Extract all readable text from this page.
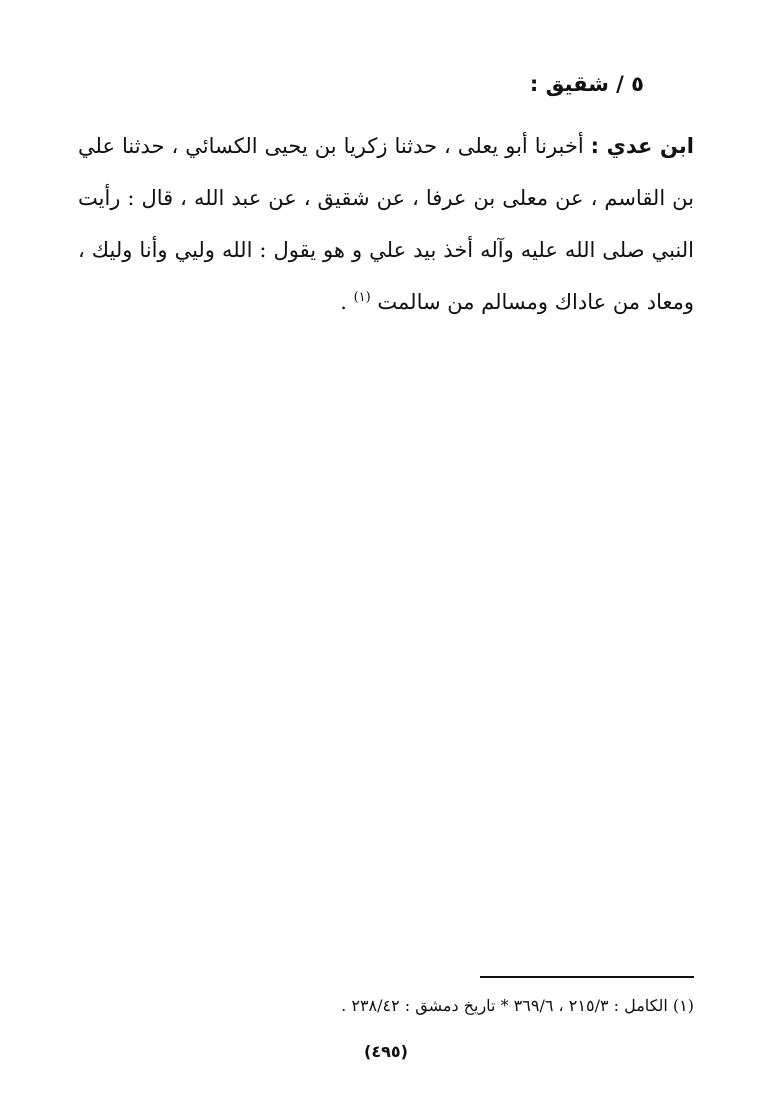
٥ / شقيق :

ابن عدي : أخبرنا أبو يعلى ، حدثنا زكريا بن يحيى الكسائي ، حدثنا علي بن القاسم ، عن معلى بن عرفا ، عن شقيق ، عن عبد الله ، قال : رأيت النبي صلى الله عليه وآله أخذ بيد علي و هو يقول : الله وليي وأنا وليك ، ومعاد من عاداك ومسالم من سالمت $^{(١)}$ .

(١) الكامل : ٢١٥/٣ ، ٣٦٩/٦ * تاريخ دمشق : ٢٣٨/٤٢ .
(٤٩٥)
